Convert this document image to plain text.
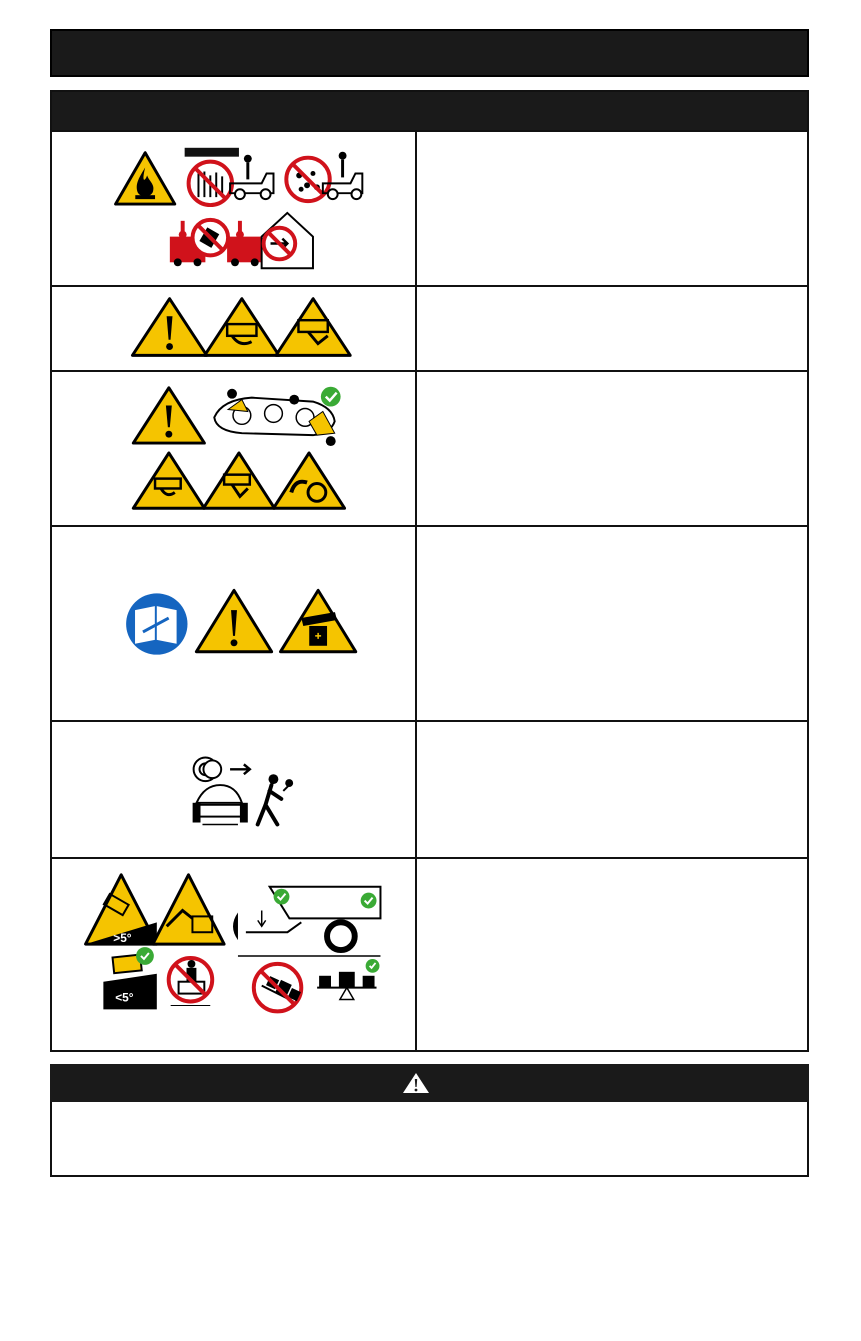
>5°
<5°
